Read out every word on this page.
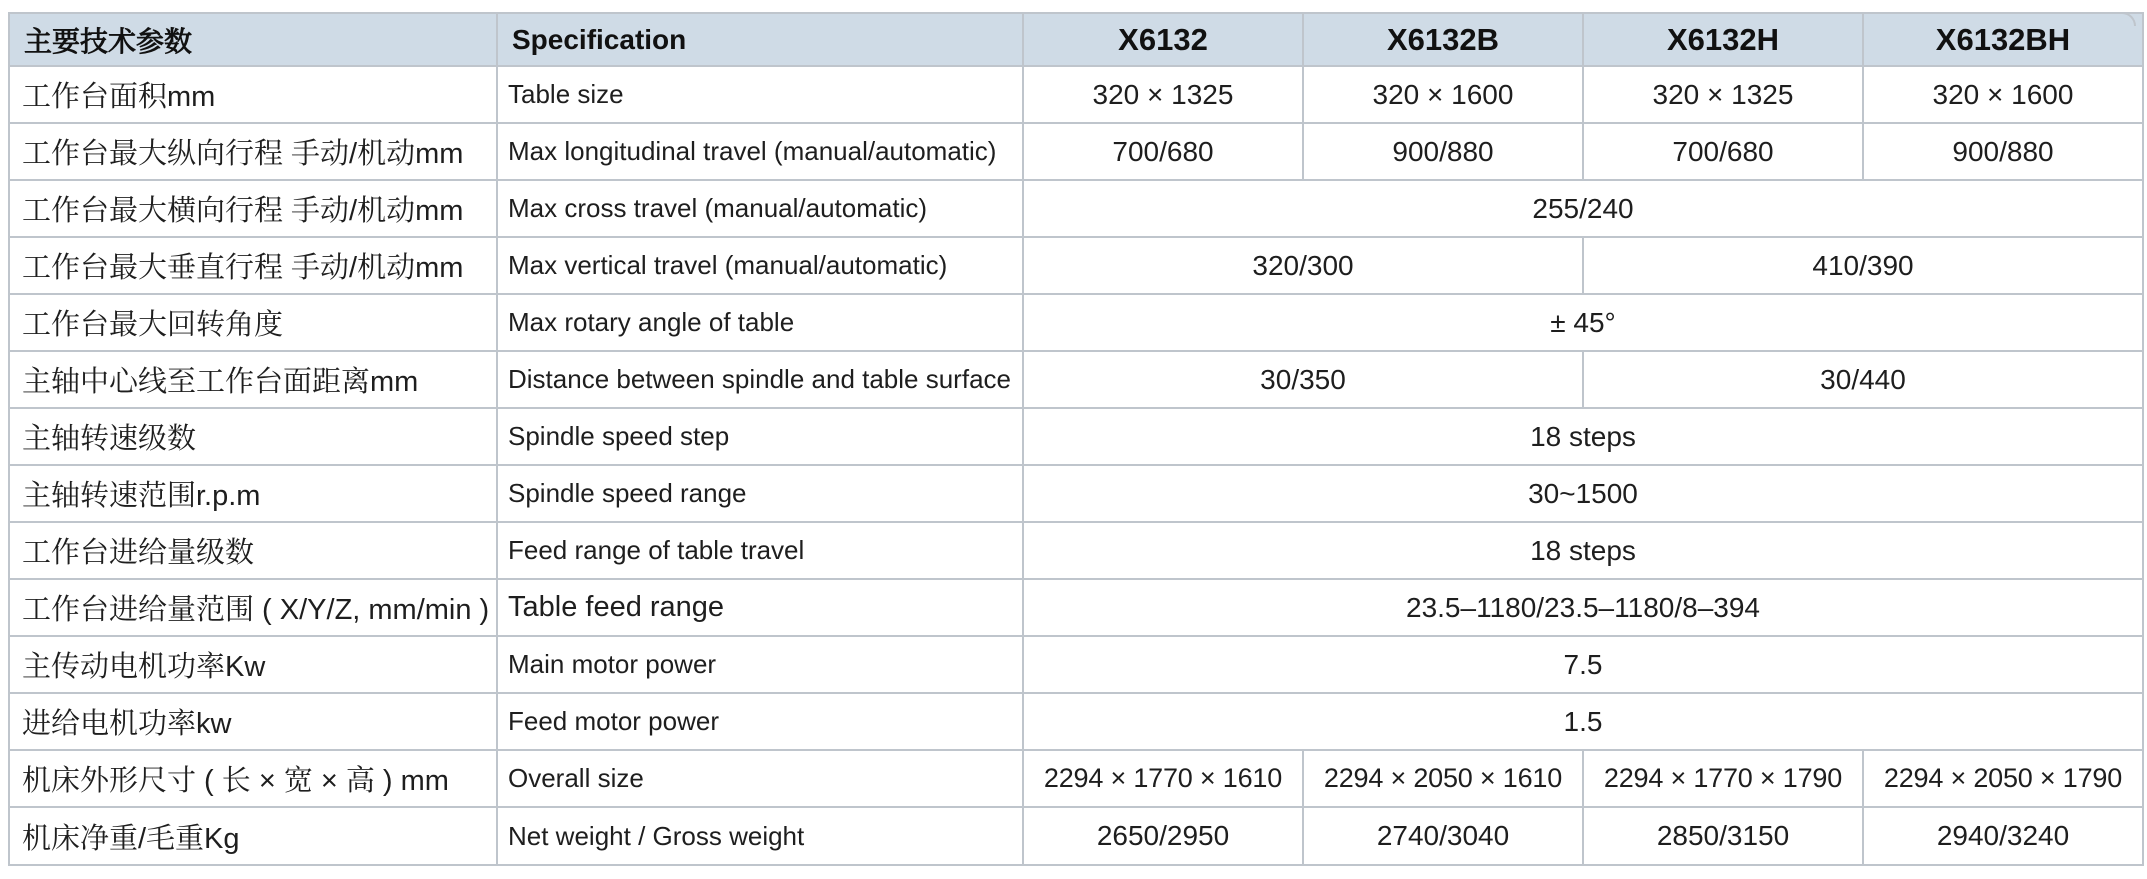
主要技术参数	Specification	X6132	X6132B	X6132H	X6132BH
工作台面积mm	Table size	320 × 1325	320 × 1600	320 × 1325	320 × 1600
工作台最大纵向行程 手动/机动mm	Max longitudinal travel (manual/automatic)	700/680	900/880	700/680	900/880
工作台最大横向行程 手动/机动mm	Max cross travel (manual/automatic)	255/240			
工作台最大垂直行程 手动/机动mm	Max vertical travel (manual/automatic)	320/300		410/390	
工作台最大回转角度	Max rotary angle of table	± 45°			
主轴中心线至工作台面距离mm	Distance between spindle and table surface	30/350		30/440	
主轴转速级数	Spindle speed step	18 steps			
主轴转速范围r.p.m	Spindle speed range	30~1500			
工作台进给量级数	Feed range of table travel	18 steps			
工作台进给量范围 ( X/Y/Z, mm/min )	Table feed range	23.5–1180/23.5–1180/8–394			
主传动电机功率Kw	Main motor power	7.5			
进给电机功率kw	Feed motor power	1.5			
机床外形尺寸 ( 长 × 宽 × 高 ) mm	Overall size	2294 × 1770 × 1610	2294 × 2050 × 1610	2294 × 1770 × 1790	2294 × 2050 × 1790
机床净重/毛重Kg	Net weight / Gross weight	2650/2950	2740/3040	2850/3150	2940/3240
